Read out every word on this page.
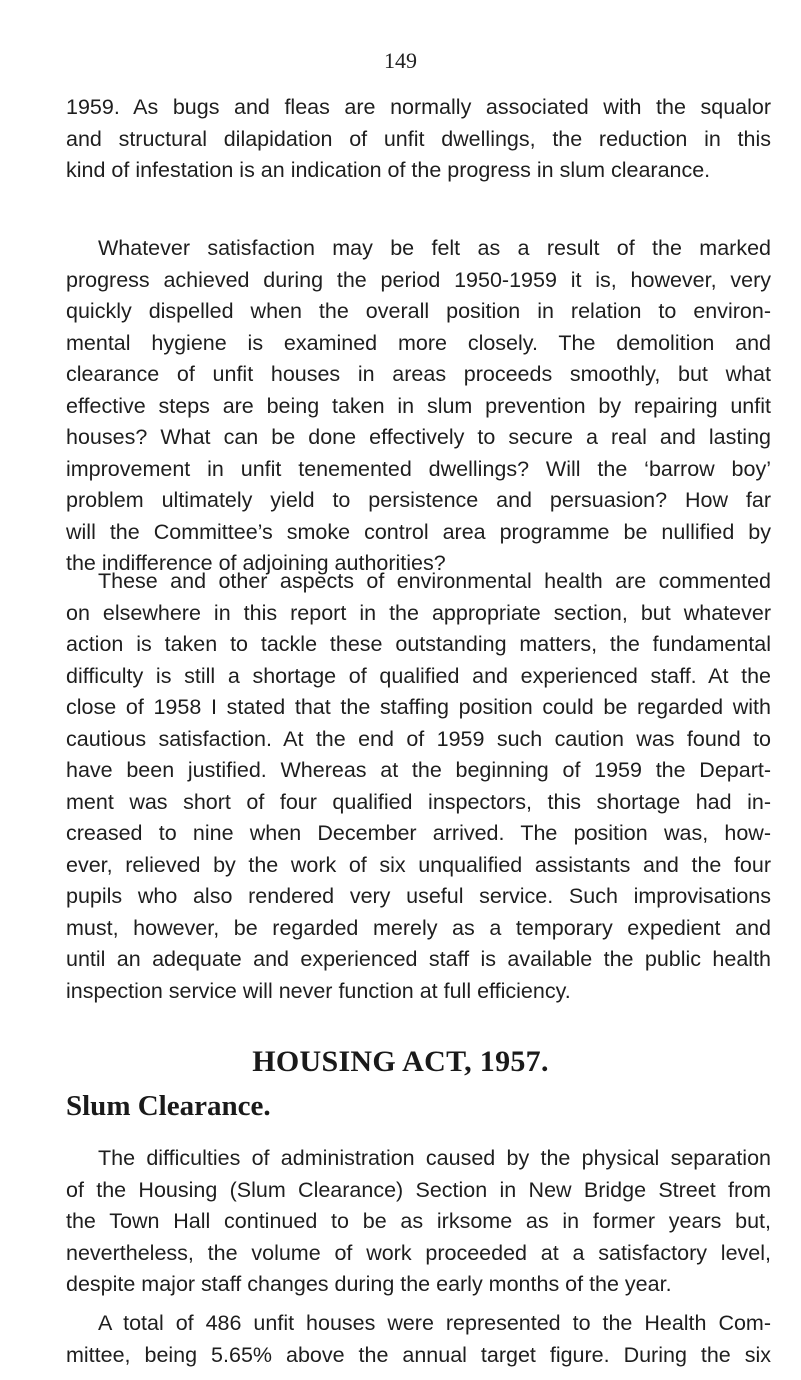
149
1959. As bugs and fleas are normally associated with the squalor
and structural dilapidation of unfit dwellings, the reduction in this
kind of infestation is an indication of the progress in slum clearance.
Whatever satisfaction may be felt as a result of the marked
progress achieved during the period 1950-1959 it is, however, very
quickly dispelled when the overall position in relation to environ-
mental hygiene is examined more closely. The demolition and
clearance of unfit houses in areas proceeds smoothly, but what
effective steps are being taken in slum prevention by repairing unfit
houses? What can be done effectively to secure a real and lasting
improvement in unfit tenemented dwellings? Will the ‘barrow boy’
problem ultimately yield to persistence and persuasion? How far
will the Committee’s smoke control area programme be nullified by
the indifference of adjoining authorities?
These and other aspects of environmental health are commented
on elsewhere in this report in the appropriate section, but whatever
action is taken to tackle these outstanding matters, the fundamental
difficulty is still a shortage of qualified and experienced staff. At the
close of 1958 I stated that the staffing position could be regarded with
cautious satisfaction. At the end of 1959 such caution was found to
have been justified. Whereas at the beginning of 1959 the Depart-
ment was short of four qualified inspectors, this shortage had in-
creased to nine when December arrived. The position was, how-
ever, relieved by the work of six unqualified assistants and the four
pupils who also rendered very useful service. Such improvisations
must, however, be regarded merely as a temporary expedient and
until an adequate and experienced staff is available the public health
inspection service will never function at full efficiency.
HOUSING ACT, 1957.
Slum Clearance.
The difficulties of administration caused by the physical separation
of the Housing (Slum Clearance) Section in New Bridge Street from
the Town Hall continued to be as irksome as in former years but,
nevertheless, the volume of work proceeded at a satisfactory level,
despite major staff changes during the early months of the year.
A total of 486 unfit houses were represented to the Health Com-
mittee, being 5.65% above the annual target figure. During the six
